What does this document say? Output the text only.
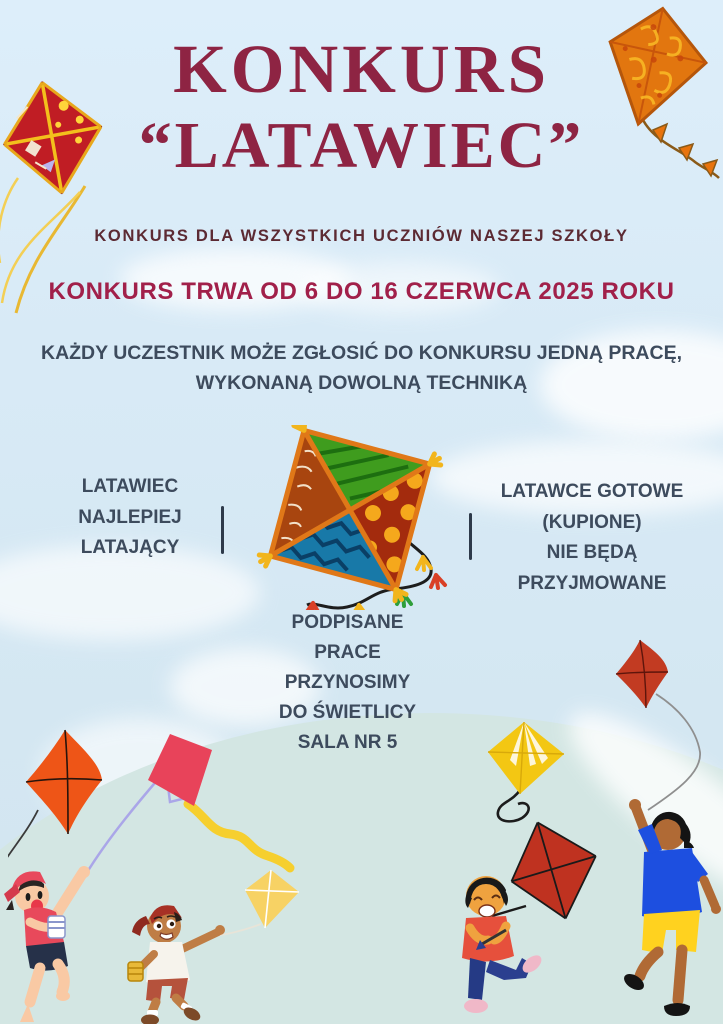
KONKURS
“LATAWIEC”
KONKURS DLA WSZYSTKICH UCZNIÓW NASZEJ SZKOŁY
KONKURS TRWA OD 6 DO 16 CZERWCA 2025 ROKU
KAŻDY UCZESTNIK MOŻE ZGŁOSIĆ DO KONKURSU JEDNĄ PRACĘ,
WYKONANĄ DOWOLNĄ TECHNIKĄ
LATAWIEC
NAJLEPIEJ
LATAJĄCY
LATAWCE GOTOWE
(KUPIONE)
NIE BĘDĄ
PRZYJMOWANE
PODPISANE
PRACE
PRZYNOSIMY
DO ŚWIETLICY
SALA NR 5
